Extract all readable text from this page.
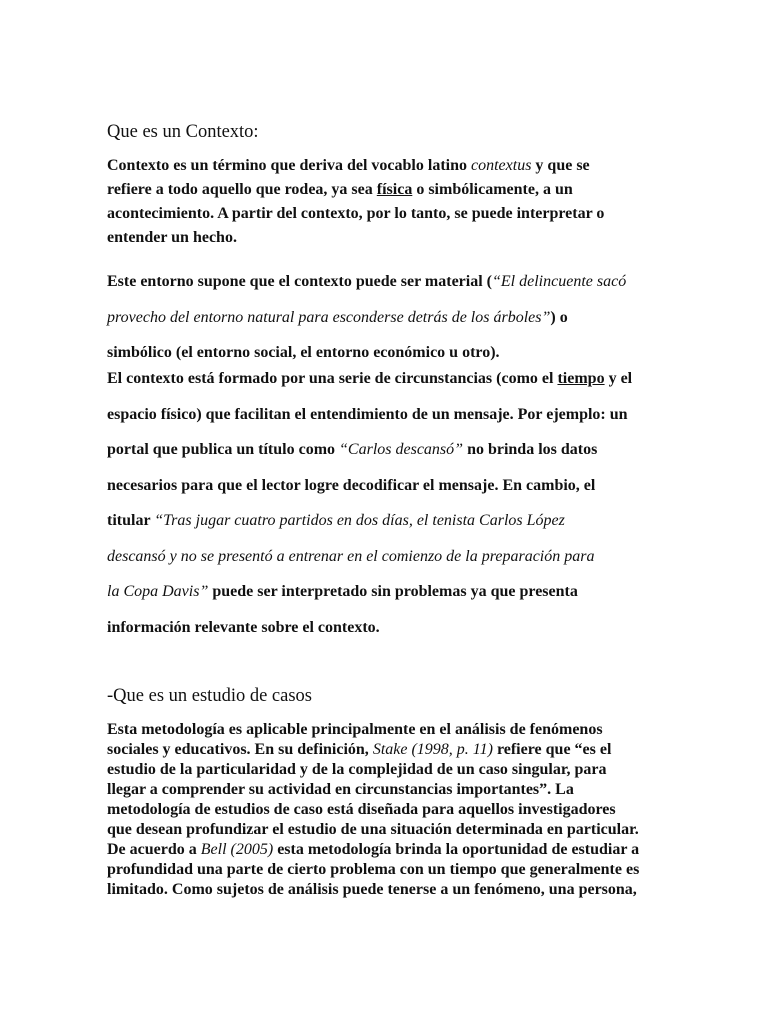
Que es un Contexto:
Contexto es un término que deriva del vocablo latino contextus y que se
refiere a todo aquello que rodea, ya sea física o simbólicamente, a un
acontecimiento. A partir del contexto, por lo tanto, se puede interpretar o
entender un hecho.
Este entorno supone que el contexto puede ser material (“El delincuente sacó
provecho del entorno natural para esconderse detrás de los árboles”) o
simbólico (el entorno social, el entorno económico u otro).
El contexto está formado por una serie de circunstancias (como el tiempo y el
espacio físico) que facilitan el entendimiento de un mensaje. Por ejemplo: un
portal que publica un título como “Carlos descansó” no brinda los datos
necesarios para que el lector logre decodificar el mensaje. En cambio, el
titular “Tras jugar cuatro partidos en dos días, el tenista Carlos López
descansó y no se presentó a entrenar en el comienzo de la preparación para
la Copa Davis” puede ser interpretado sin problemas ya que presenta
información relevante sobre el contexto.
-Que es un estudio de casos
Esta metodología es aplicable principalmente en el análisis de fenómenos
sociales y educativos. En su definición, Stake (1998, p. 11) refiere que “es el
estudio de la particularidad y de la complejidad de un caso singular, para
llegar a comprender su actividad en circunstancias importantes”. La
metodología de estudios de caso está diseñada para aquellos investigadores
que desean profundizar el estudio de una situación determinada en particular.
De acuerdo a Bell (2005) esta metodología brinda la oportunidad de estudiar a
profundidad una parte de cierto problema con un tiempo que generalmente es
limitado. Como sujetos de análisis puede tenerse a un fenómeno, una persona,
